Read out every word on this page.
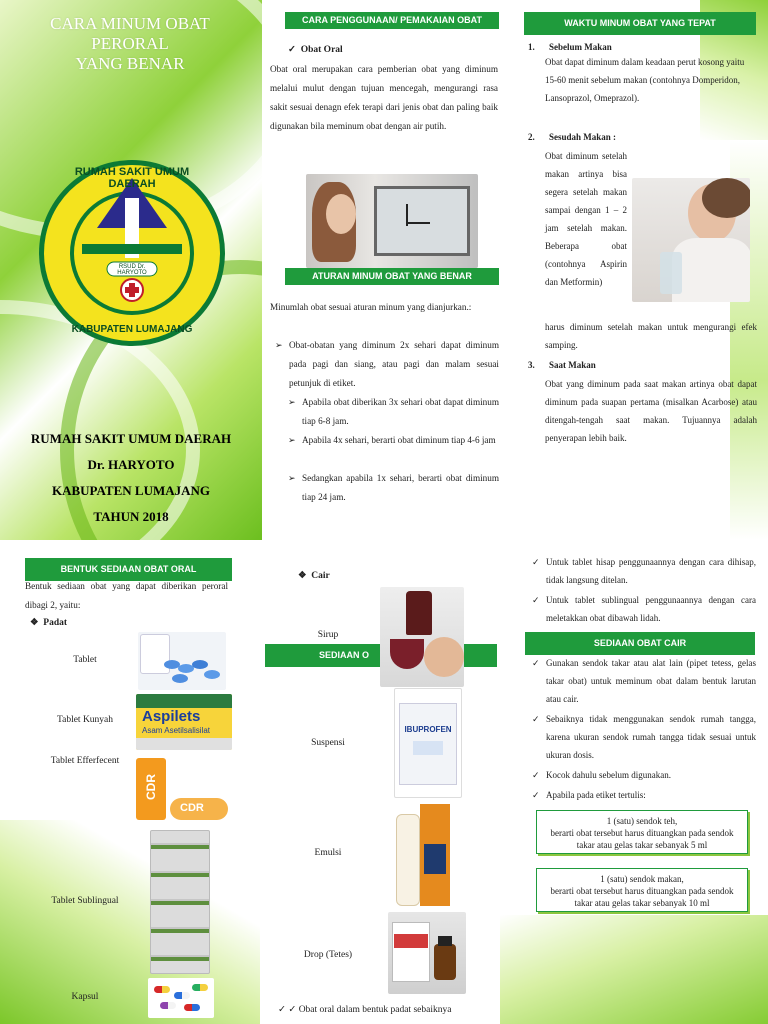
CARA MINUM OBAT
PERORAL
YANG BENAR
RUMAH SAKIT UMUM DAERAH
RSUD Dr. HARYOTO
KABUPATEN LUMAJANG
RUMAH SAKIT UMUM DAERAH
Dr. HARYOTO
KABUPATEN LUMAJANG
TAHUN 2018
CARA PENGGUNAAN/ PEMAKAIAN OBAT
✓ Obat Oral
Obat oral merupakan cara pemberian obat yang diminum melalui mulut dengan tujuan mencegah, mengurangi rasa sakit sesuai denagn efek terapi dari jenis obat dan paling baik digunakan bila meminum obat dengan air putih.
ATURAN MINUM OBAT YANG BENAR
Minumlah obat sesuai aturan minum yang dianjurkan.:
➢ Obat-obatan yang diminum 2x sehari dapat diminum pada pagi dan siang, atau pagi dan malam sesuai petunjuk di etiket.
➢ Apabila obat diberikan 3x sehari obat dapat diminum tiap 6-8 jam.
➢ Apabila 4x sehari, berarti obat diminum tiap 4-6 jam
➢ Sedangkan apabila 1x sehari, berarti obat diminum tiap 24 jam.
WAKTU MINUM OBAT YANG TEPAT
1. Sebelum Makan
Obat dapat diminum dalam keadaan perut kosong yaitu 15-60 menit sebelum makan (contohnya Domperidon, Lansoprazol, Omeprazol).
2. Sesudah Makan :
Obat diminum setelah makan artinya bisa segera setelah makan sampai dengan 1 – 2 jam setelah makan. Beberapa obat (contohnya Aspirin dan Metformin)
harus diminum setelah makan untuk mengurangi efek samping.
3. Saat Makan
Obat yang diminum pada saat makan artinya obat dapat diminum pada suapan pertama (misalkan Acarbose) atau ditengah-tengah saat makan. Tujuannya adalah penyerapan lebih baik.
BENTUK SEDIAAN OBAT ORAL
Bentuk sediaan obat yang dapat diberikan peroral dibagi 2, yaitu:
❖ Padat
Tablet
Tablet Kunyah	Aspilets
Asam Asetilsalisilat
Tablet Efferfecent
CDR
CDR
Tablet Sublingual
Kapsul
❖ Cair
SEDIAAN O
Sirup
Suspensi
IBUPROFEN
Emulsi
Drop (Tetes)
✓ ✓ Obat oral dalam bentuk padat sebaiknya
✓ Untuk tablet hisap penggunaannya dengan cara dihisap, tidak langsung ditelan.
✓ Untuk tablet sublingual penggunaannya dengan cara meletakkan obat dibawah lidah.
SEDIAAN OBAT CAIR
✓ Gunakan sendok takar atau alat lain (pipet tetess, gelas takar obat) untuk meminum obat dalam bentuk larutan atau cair.
✓ Sebaiknya tidak menggunakan sendok rumah tangga, karena ukuran sendok rumah tangga tidak sesuai untuk ukuran dosis.
✓ Kocok dahulu sebelum digunakan.
✓ Apabila pada etiket tertulis:
1 (satu) sendok teh,
berarti obat tersebut harus dituangkan pada sendok takar atau gelas takar sebanyak 5 ml
1 (satu) sendok makan,
berarti obat tersebut harus dituangkan pada sendok takar atau gelas takar sebanyak 10 ml
